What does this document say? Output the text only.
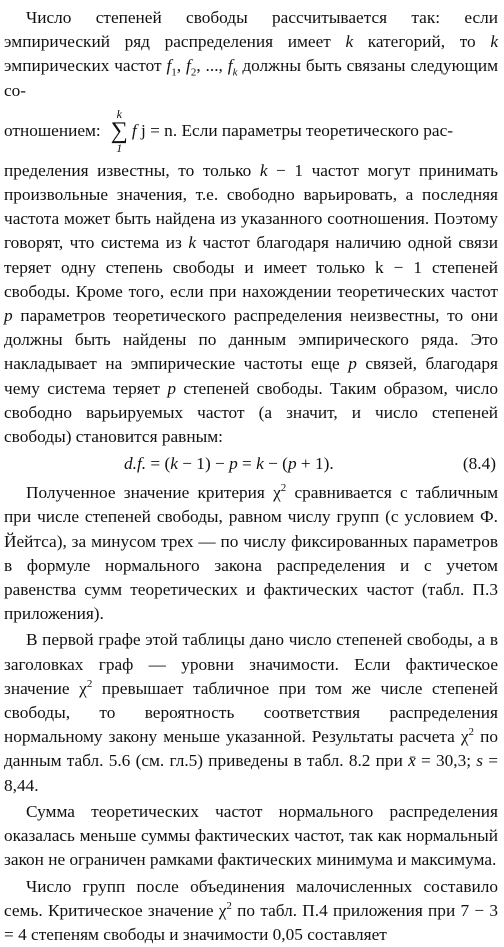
Число степеней свободы рассчитывается так: если эмпирический ряд распределения имеет k категорий, то k эмпирических частот $f_1$, $f_2$, ..., $f_k$ должны быть связаны следующим со-

отношением:
k
∑
1
f
j = n.
Если параметры теоретического рас-

пределения известны, то только k − 1 частот могут принимать произвольные значения, т.е. свободно варьировать, а последняя частота может быть найдена из указанного соотношения. Поэтому говорят, что система из k частот благодаря наличию одной связи теряет одну степень свободы и имеет только k − 1 степеней свободы. Кроме того, если при нахождении теоретических частот p параметров теоретического распределения неизвестны, то они должны быть найдены по данным эмпирического ряда. Это накладывает на эмпирические частоты еще p связей, благодаря чему система теряет p степеней свободы. Таким образом, число свободно варьируемых частот (а значит, и число степеней свободы) становится равным:

d.f. = (k − 1) − p = k − (p + 1).	(8.4)

Полученное значение критерия $\chi^2$ сравнивается с табличным при числе степеней свободы, равном числу групп (с условием Ф. Йейтса), за минусом трех — по числу фиксированных параметров в формуле нормального закона распределения и с учетом равенства сумм теоретических и фактических частот (табл. П.3 приложения).

В первой графе этой таблицы дано число степеней свободы, а в заголовках граф — уровни значимости. Если фактическое значение $\chi^2$ превышает табличное при том же числе степеней свободы, то вероятность соответствия распределения нормальному закону меньше указанной. Результаты расчета $\chi^2$ по данным табл. 5.6 (см. гл.5) приведены в табл. 8.2 при x̄ = 30,3; s = 8,44.

Сумма теоретических частот нормального распределения оказалась меньше суммы фактических частот, так как нормальный закон не ограничен рамками фактических минимума и максимума.

Число групп после объединения малочисленных составило семь. Критическое значение $\chi^2$ по табл. П.4 приложения при 7 − 3 = 4 степеням свободы и значимости 0,05 составляет
